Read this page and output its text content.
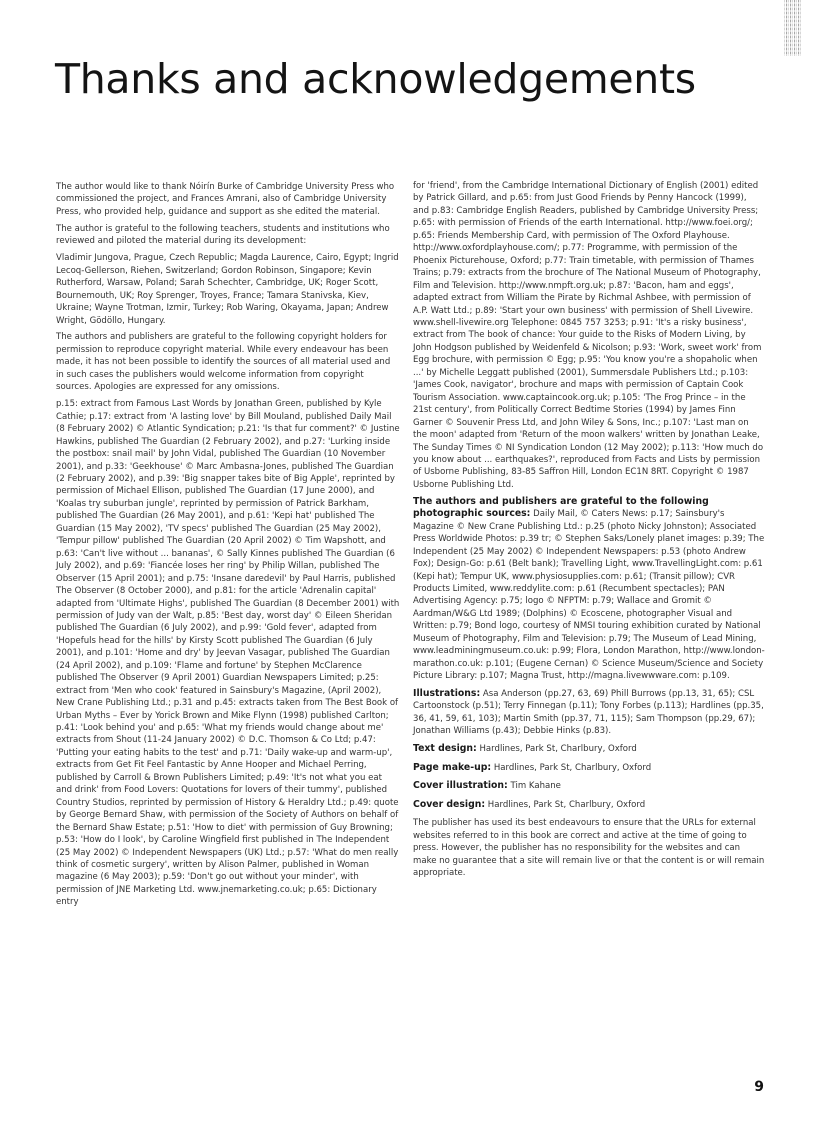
Thanks and acknowledgements

The author would like to thank Nóirín Burke of Cambridge University Press who commissioned the project, and Frances Amrani, also of Cambridge University Press, who provided help, guidance and support as she edited the material.

The author is grateful to the following teachers, students and institutions who reviewed and piloted the material during its development:

Vladimir Jungova, Prague, Czech Republic; Magda Laurence, Cairo, Egypt; Ingrid Lecoq-Gellerson, Riehen, Switzerland; Gordon Robinson, Singapore; Kevin Rutherford, Warsaw, Poland; Sarah Schechter, Cambridge, UK; Roger Scott, Bournemouth, UK; Roy Sprenger, Troyes, France; Tamara Stanivska, Kiev, Ukraine; Wayne Trotman, Izmir, Turkey; Rob Waring, Okayama, Japan; Andrew Wright, Gödöllo, Hungary.

The authors and publishers are grateful to the following copyright holders for permission to reproduce copyright material. While every endeavour has been made, it has not been possible to identify the sources of all material used and in such cases the publishers would welcome information from copyright sources. Apologies are expressed for any omissions.

p.15: extract from Famous Last Words by Jonathan Green, published by Kyle Cathie; p.17: extract from 'A lasting love' by Bill Mouland, published Daily Mail (8 February 2002) © Atlantic Syndication; p.21: 'Is that fur comment?' © Justine Hawkins, published The Guardian (2 February 2002), and p.27: 'Lurking inside the postbox: snail mail' by John Vidal, published The Guardian (10 November 2001), and p.33: 'Geekhouse' © Marc Ambasna-Jones, published The Guardian (2 February 2002), and p.39: 'Big snapper takes bite of Big Apple', reprinted by permission of Michael Ellison, published The Guardian (17 June 2000), and 'Koalas try suburban jungle', reprinted by permission of Patrick Barkham, published The Guardian (26 May 2001), and p.61: 'Kepi hat' published The Guardian (15 May 2002), 'TV specs' published The Guardian (25 May 2002), 'Tempur pillow' published The Guardian (20 April 2002) © Tim Wapshott, and p.63: 'Can't live without ... bananas', © Sally Kinnes published The Guardian (6 July 2002), and p.69: 'Fiancée loses her ring' by Philip Willan, published The Observer (15 April 2001); and p.75: 'Insane daredevil' by Paul Harris, published The Observer (8 October 2000), and p.81: for the article 'Adrenalin capital' adapted from 'Ultimate Highs', published The Guardian (8 December 2001) with permission of Judy van der Walt, p.85: 'Best day, worst day' © Eileen Sheridan published The Guardian (6 July 2002), and p.99: 'Gold fever', adapted from 'Hopefuls head for the hills' by Kirsty Scott published The Guardian (6 July 2001), and p.101: 'Home and dry' by Jeevan Vasagar, published The Guardian (24 April 2002), and p.109: 'Flame and fortune' by Stephen McClarence published The Observer (9 April 2001) Guardian Newspapers Limited; p.25: extract from 'Men who cook' featured in Sainsbury's Magazine, (April 2002), New Crane Publishing Ltd.; p.31 and p.45: extracts taken from The Best Book of Urban Myths – Ever by Yorick Brown and Mike Flynn (1998) published Carlton; p.41: 'Look behind you' and p.65: 'What my friends would change about me' extracts from Shout (11-24 January 2002) © D.C. Thomson & Co Ltd; p.47: 'Putting your eating habits to the test' and p.71: 'Daily wake-up and warm-up', extracts from Get Fit Feel Fantastic by Anne Hooper and Michael Perring, published by Carroll & Brown Publishers Limited; p.49: 'It's not what you eat and drink' from Food Lovers: Quotations for lovers of their tummy', published Country Studios, reprinted by permission of History & Heraldry Ltd.; p.49: quote by George Bernard Shaw, with permission of the Society of Authors on behalf of the Bernard Shaw Estate; p.51: 'How to diet' with permission of Guy Browning; p.53: 'How do I look', by Caroline Wingfield first published in The Independent (25 May 2002) © Independent Newspapers (UK) Ltd.; p.57: 'What do men really think of cosmetic surgery', written by Alison Palmer, published in Woman magazine (6 May 2003); p.59: 'Don't go out without your minder', with permission of JNE Marketing Ltd. www.jnemarketing.co.uk; p.65: Dictionary entry

for 'friend', from the Cambridge International Dictionary of English (2001) edited by Patrick Gillard, and p.65: from Just Good Friends by Penny Hancock (1999), and p.83: Cambridge English Readers, published by Cambridge University Press; p.65: with permission of Friends of the earth International. http://www.foei.org/; p.65: Friends Membership Card, with permission of The Oxford Playhouse. http://www.oxfordplayhouse.com/; p.77: Programme, with permission of the Phoenix Picturehouse, Oxford; p.77: Train timetable, with permission of Thames Trains; p.79: extracts from the brochure of The National Museum of Photography, Film and Television. http://www.nmpft.org.uk; p.87: 'Bacon, ham and eggs', adapted extract from William the Pirate by Richmal Ashbee, with permission of A.P. Watt Ltd.; p.89: 'Start your own business' with permission of Shell Livewire. www.shell-livewire.org Telephone: 0845 757 3253; p.91: 'It's a risky business', extract from The book of chance: Your guide to the Risks of Modern Living, by John Hodgson published by Weidenfeld & Nicolson; p.93: 'Work, sweet work' from Egg brochure, with permission © Egg; p.95: 'You know you're a shopaholic when ...' by Michelle Leggatt published (2001), Summersdale Publishers Ltd.; p.103: 'James Cook, navigator', brochure and maps with permission of Captain Cook Tourism Association. www.captaincook.org.uk; p.105: 'The Frog Prince – in the 21st century', from Politically Correct Bedtime Stories (1994) by James Finn Garner © Souvenir Press Ltd, and John Wiley & Sons, Inc.; p.107: 'Last man on the moon' adapted from 'Return of the moon walkers' written by Jonathan Leake, The Sunday Times © NI Syndication London (12 May 2002); p.113: 'How much do you know about ... earthquakes?', reproduced from Facts and Lists by permission of Usborne Publishing, 83-85 Saffron Hill, London EC1N 8RT. Copyright © 1987 Usborne Publishing Ltd.

The authors and publishers are grateful to the following photographic sources: Daily Mail, © Caters News: p.17; Sainsbury's Magazine © New Crane Publishing Ltd.: p.25 (photo Nicky Johnston); Associated Press Worldwide Photos: p.39 tr; © Stephen Saks/Lonely planet images: p.39; The Independent (25 May 2002) © Independent Newspapers: p.53 (photo Andrew Fox); Design-Go: p.61 (Belt bank); Travelling Light, www.TravellingLight.com: p.61 (Kepi hat); Tempur UK, www.physiosupplies.com: p.61; (Transit pillow); CVR Products Limited, www.reddylite.com: p.61 (Recumbent spectacles); PAN Advertising Agency: p.75; logo © NFPTM: p.79; Wallace and Gromit © Aardman/W&G Ltd 1989; (Dolphins) © Ecoscene, photographer Visual and Written: p.79; Bond logo, courtesy of NMSI touring exhibition curated by National Museum of Photography, Film and Television: p.79; The Museum of Lead Mining, www.leadminingmuseum.co.uk: p.99; Flora, London Marathon, http://www.london-marathon.co.uk: p.101; (Eugene Cernan) © Science Museum/Science and Society Picture Library: p.107; Magna Trust, http://magna.livewwware.com: p.109.

Illustrations: Asa Anderson (pp.27, 63, 69) Phill Burrows (pp.13, 31, 65); CSL Cartoonstock (p.51); Terry Finnegan (p.11); Tony Forbes (p.113); Hardlines (pp.35, 36, 41, 59, 61, 103); Martin Smith (pp.37, 71, 115); Sam Thompson (pp.29, 67); Jonathan Williams (p.43); Debbie Hinks (p.83).

Text design: Hardlines, Park St, Charlbury, Oxford

Page make-up: Hardlines, Park St, Charlbury, Oxford

Cover illustration: Tim Kahane

Cover design: Hardlines, Park St, Charlbury, Oxford

The publisher has used its best endeavours to ensure that the URLs for external websites referred to in this book are correct and active at the time of going to press. However, the publisher has no responsibility for the websites and can make no guarantee that a site will remain live or that the content is or will remain appropriate.

9
